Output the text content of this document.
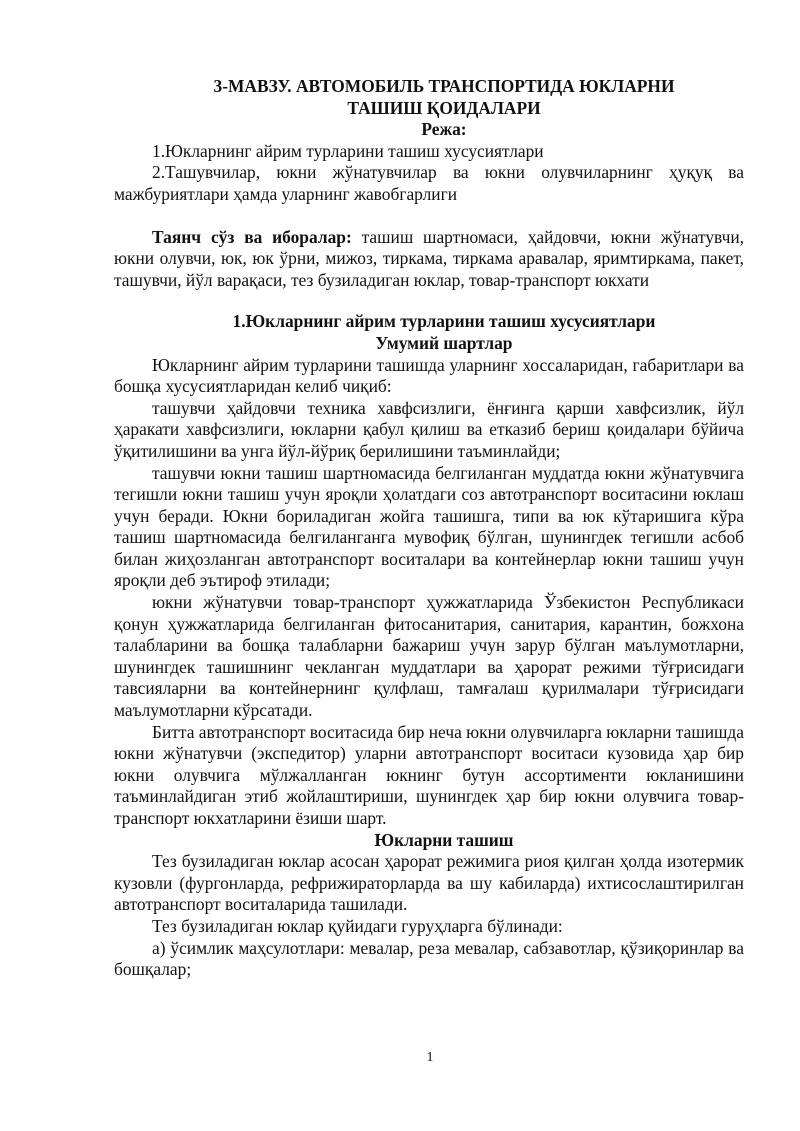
3-МАВЗУ. АВТОМОБИЛЬ ТРАНСПОРТИДА ЮКЛАРНИ
ТАШИШ ҚОИДАЛАРИ
Режа:

1.Юкларнинг айрим турларини ташиш хусусиятлари

2.Ташувчилар, юкни жўнатувчилар ва юкни олувчиларнинг ҳуқуқ ва мажбуриятлари ҳамда уларнинг жавобгарлиги

Таянч сўз ва иборалар: ташиш шартномаси, ҳайдовчи, юкни жўнатувчи, юкни олувчи, юк, юк ўрни, мижоз, тиркама, тиркама аравалар, яримтиркама, пакет, ташувчи, йўл варақаси, тез бузиладиган юклар, товар-транспорт юкхати

1.Юкларнинг айрим турларини ташиш хусусиятлари
Умумий шартлар

Юкларнинг айрим турларини ташишда уларнинг хоссаларидан, габаритлари ва бошқа хусусиятларидан келиб чиқиб:

ташувчи ҳайдовчи техника хавфсизлиги, ёнғинга қарши хавфсизлик, йўл ҳаракати хавфсизлиги, юкларни қабул қилиш ва етказиб бериш қоидалари бўйича ўқитилишини ва унга йўл-йўриқ берилишини таъминлайди;

ташувчи юкни ташиш шартномасида белгиланган муддатда юкни жўнатувчига тегишли юкни ташиш учун яроқли ҳолатдаги соз автотранспорт воситасини юклаш учун беради. Юкни бориладиган жойга ташишга, типи ва юк кўтаришига кўра ташиш шартномасида белгиланганга мувофиқ бўлган, шунингдек тегишли асбоб билан жиҳозланган автотранспорт воситалари ва контейнерлар юкни ташиш учун яроқли деб эътироф этилади;

юкни жўнатувчи товар-транспорт ҳужжатларида Ўзбекистон Республикаси қонун ҳужжатларида белгиланган фитосанитария, санитария, карантин, божхона талабларини ва бошқа талабларни бажариш учун зарур бўлган маълумотларни, шунингдек ташишнинг чекланган муддатлари ва ҳарорат режими тўғрисидаги тавсияларни ва контейнернинг қулфлаш, тамғалаш қурилмалари тўғрисидаги маълумотларни кўрсатади.

Битта автотранспорт воситасида бир неча юкни олувчиларга юкларни ташишда юкни жўнатувчи (экспедитор) уларни автотранспорт воситаси кузовида ҳар бир юкни олувчига мўлжалланган юкнинг бутун ассортименти юкланишини таъминлайдиган этиб жойлаштириши, шунингдек ҳар бир юкни олувчига товар-транспорт юкхатларини ёзиши шарт.

Юкларни ташиш

Тез бузиладиган юклар асосан ҳарорат режимига риоя қилган ҳолда изотермик кузовли (фургонларда, рефрижираторларда ва шу кабиларда) ихтисослаштирилган автотранспорт воситаларида ташилади.

Тез бузиладиган юклар қуйидаги гуруҳларга бўлинади:

а) ўсимлик маҳсулотлари: мевалар, реза мевалар, сабзавотлар, қўзиқоринлар ва бошқалар;

1
